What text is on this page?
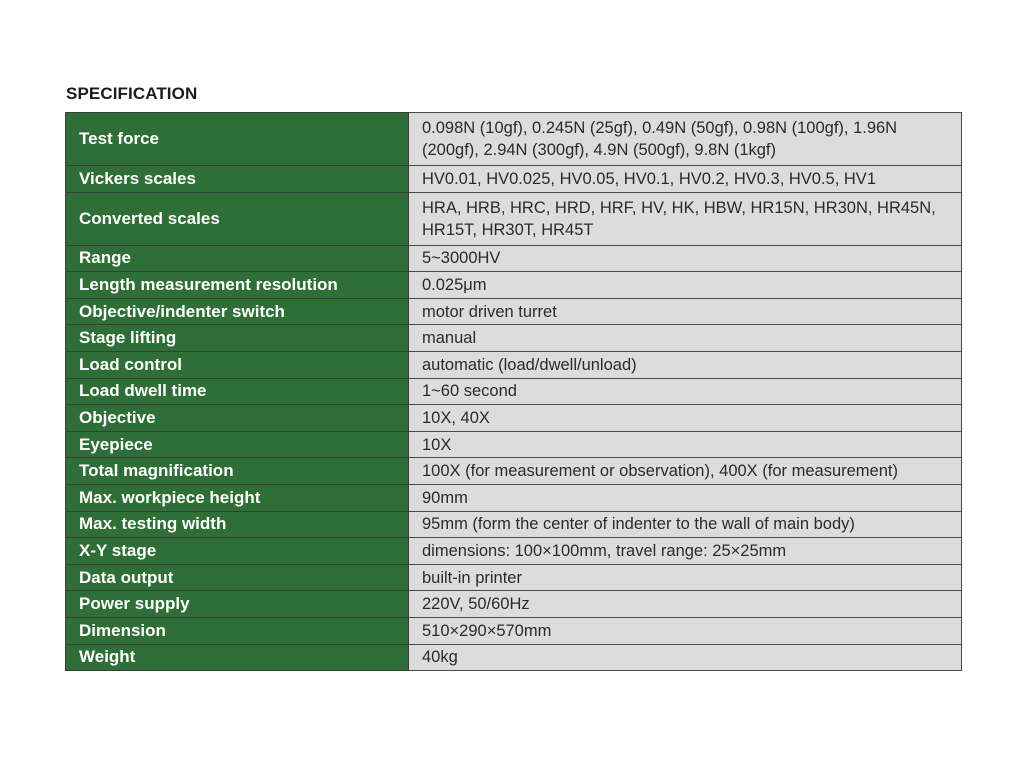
SPECIFICATION
Test force	0.098N (10gf), 0.245N (25gf), 0.49N (50gf), 0.98N (100gf), 1.96N (200gf), 2.94N (300gf), 4.9N (500gf), 9.8N (1kgf)
Vickers scales	HV0.01, HV0.025, HV0.05, HV0.1, HV0.2, HV0.3, HV0.5, HV1
Converted scales	HRA, HRB, HRC, HRD, HRF, HV, HK, HBW, HR15N, HR30N, HR45N, HR15T, HR30T, HR45T
Range	5~3000HV
Length measurement resolution	0.025μm
Objective/indenter switch	motor driven turret
Stage lifting	manual
Load control	automatic (load/dwell/unload)
Load dwell time	1~60 second
Objective	10X, 40X
Eyepiece	10X
Total magnification	100X (for measurement or observation), 400X (for measurement)
Max. workpiece height	90mm
Max. testing width	95mm (form the center of indenter to the wall of main body)
X-Y stage	dimensions: 100×100mm, travel range: 25×25mm
Data output	built-in printer
Power supply	220V, 50/60Hz
Dimension	510×290×570mm
Weight	40kg
